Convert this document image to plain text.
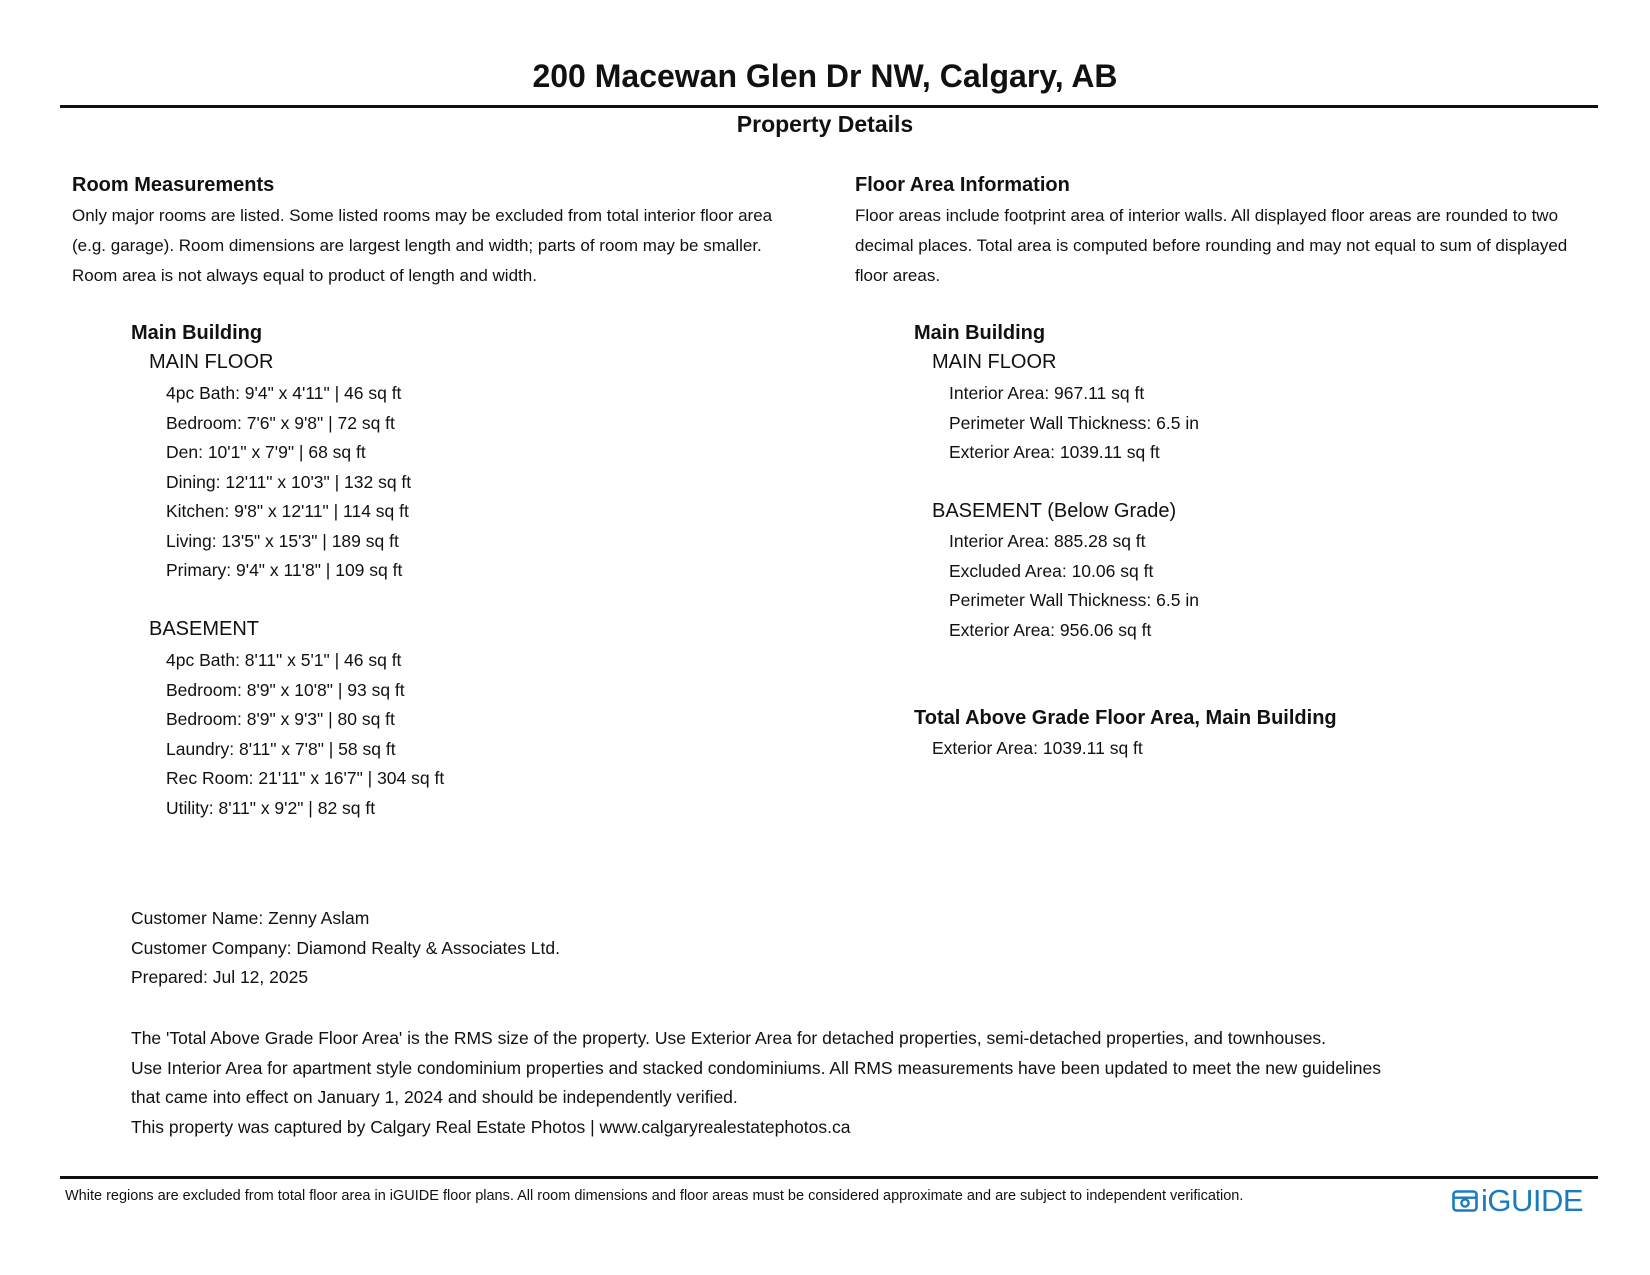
200 Macewan Glen Dr NW, Calgary, AB
Property Details
Room Measurements
Only major rooms are listed. Some listed rooms may be excluded from total interior floor area
(e.g. garage). Room dimensions are largest length and width; parts of room may be smaller.
Room area is not always equal to product of length and width.
Main Building
MAIN FLOOR
4pc Bath: 9'4" x 4'11" | 46 sq ft
Bedroom: 7'6" x 9'8" | 72 sq ft
Den: 10'1" x 7'9" | 68 sq ft
Dining: 12'11" x 10'3" | 132 sq ft
Kitchen: 9'8" x 12'11" | 114 sq ft
Living: 13'5" x 15'3" | 189 sq ft
Primary: 9'4" x 11'8" | 109 sq ft
BASEMENT
4pc Bath: 8'11" x 5'1" | 46 sq ft
Bedroom: 8'9" x 10'8" | 93 sq ft
Bedroom: 8'9" x 9'3" | 80 sq ft
Laundry: 8'11" x 7'8" | 58 sq ft
Rec Room: 21'11" x 16'7" | 304 sq ft
Utility: 8'11" x 9'2" | 82 sq ft
Floor Area Information
Floor areas include footprint area of interior walls. All displayed floor areas are rounded to two
decimal places. Total area is computed before rounding and may not equal to sum of displayed
floor areas.
Main Building
MAIN FLOOR
Interior Area: 967.11 sq ft
Perimeter Wall Thickness: 6.5 in
Exterior Area: 1039.11 sq ft
BASEMENT (Below Grade)
Interior Area: 885.28 sq ft
Excluded Area: 10.06 sq ft
Perimeter Wall Thickness: 6.5 in
Exterior Area: 956.06 sq ft
Total Above Grade Floor Area, Main Building
Exterior Area: 1039.11 sq ft
Customer Name: Zenny Aslam
Customer Company: Diamond Realty & Associates Ltd.
Prepared: Jul 12, 2025
The 'Total Above Grade Floor Area' is the RMS size of the property. Use Exterior Area for detached properties, semi-detached properties, and townhouses.
Use Interior Area for apartment style condominium properties and stacked condominiums. All RMS measurements have been updated to meet the new guidelines
that came into effect on January 1, 2024 and should be independently verified.
This property was captured by Calgary Real Estate Photos | www.calgaryrealestatephotos.ca
White regions are excluded from total floor area in iGUIDE floor plans. All room dimensions and floor areas must be considered approximate and are subject to independent verification.	iGUIDE
